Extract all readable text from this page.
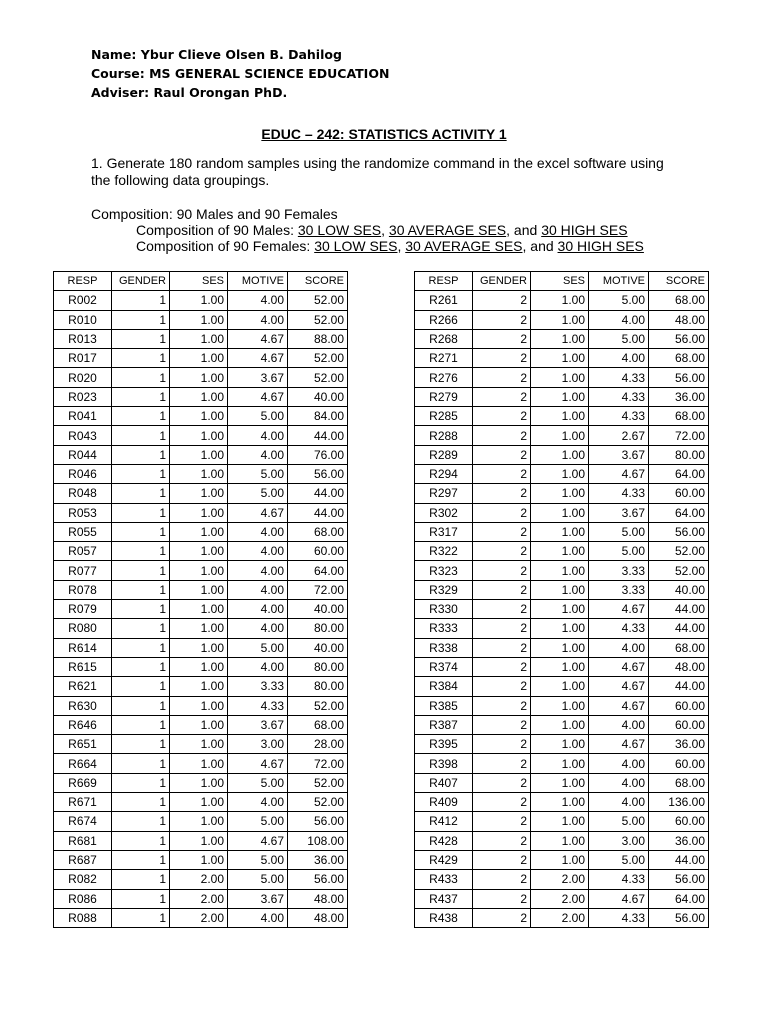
Name: Ybur Clieve Olsen B. Dahilog
Course: MS GENERAL SCIENCE EDUCATION
Adviser: Raul Orongan PhD.
EDUC – 242: STATISTICS ACTIVITY 1
1. Generate 180 random samples using the randomize command in the excel software using
the following data groupings.
Composition: 90 Males and 90 Females
Composition of 90 Males: 30 LOW SES, 30 AVERAGE SES, and 30 HIGH SES
Composition of 90 Females: 30 LOW SES, 30 AVERAGE SES, and 30 HIGH SES
RESP	GENDER	SES	MOTIVE	SCORE
R002	1	1.00	4.00	52.00
R010	1	1.00	4.00	52.00
R013	1	1.00	4.67	88.00
R017	1	1.00	4.67	52.00
R020	1	1.00	3.67	52.00
R023	1	1.00	4.67	40.00
R041	1	1.00	5.00	84.00
R043	1	1.00	4.00	44.00
R044	1	1.00	4.00	76.00
R046	1	1.00	5.00	56.00
R048	1	1.00	5.00	44.00
R053	1	1.00	4.67	44.00
R055	1	1.00	4.00	68.00
R057	1	1.00	4.00	60.00
R077	1	1.00	4.00	64.00
R078	1	1.00	4.00	72.00
R079	1	1.00	4.00	40.00
R080	1	1.00	4.00	80.00
R614	1	1.00	5.00	40.00
R615	1	1.00	4.00	80.00
R621	1	1.00	3.33	80.00
R630	1	1.00	4.33	52.00
R646	1	1.00	3.67	68.00
R651	1	1.00	3.00	28.00
R664	1	1.00	4.67	72.00
R669	1	1.00	5.00	52.00
R671	1	1.00	4.00	52.00
R674	1	1.00	5.00	56.00
R681	1	1.00	4.67	108.00
R687	1	1.00	5.00	36.00
R082	1	2.00	5.00	56.00
R086	1	2.00	3.67	48.00
R088	1	2.00	4.00	48.00
RESP	GENDER	SES	MOTIVE	SCORE
R261	2	1.00	5.00	68.00
R266	2	1.00	4.00	48.00
R268	2	1.00	5.00	56.00
R271	2	1.00	4.00	68.00
R276	2	1.00	4.33	56.00
R279	2	1.00	4.33	36.00
R285	2	1.00	4.33	68.00
R288	2	1.00	2.67	72.00
R289	2	1.00	3.67	80.00
R294	2	1.00	4.67	64.00
R297	2	1.00	4.33	60.00
R302	2	1.00	3.67	64.00
R317	2	1.00	5.00	56.00
R322	2	1.00	5.00	52.00
R323	2	1.00	3.33	52.00
R329	2	1.00	3.33	40.00
R330	2	1.00	4.67	44.00
R333	2	1.00	4.33	44.00
R338	2	1.00	4.00	68.00
R374	2	1.00	4.67	48.00
R384	2	1.00	4.67	44.00
R385	2	1.00	4.67	60.00
R387	2	1.00	4.00	60.00
R395	2	1.00	4.67	36.00
R398	2	1.00	4.00	60.00
R407	2	1.00	4.00	68.00
R409	2	1.00	4.00	136.00
R412	2	1.00	5.00	60.00
R428	2	1.00	3.00	36.00
R429	2	1.00	5.00	44.00
R433	2	2.00	4.33	56.00
R437	2	2.00	4.67	64.00
R438	2	2.00	4.33	56.00
